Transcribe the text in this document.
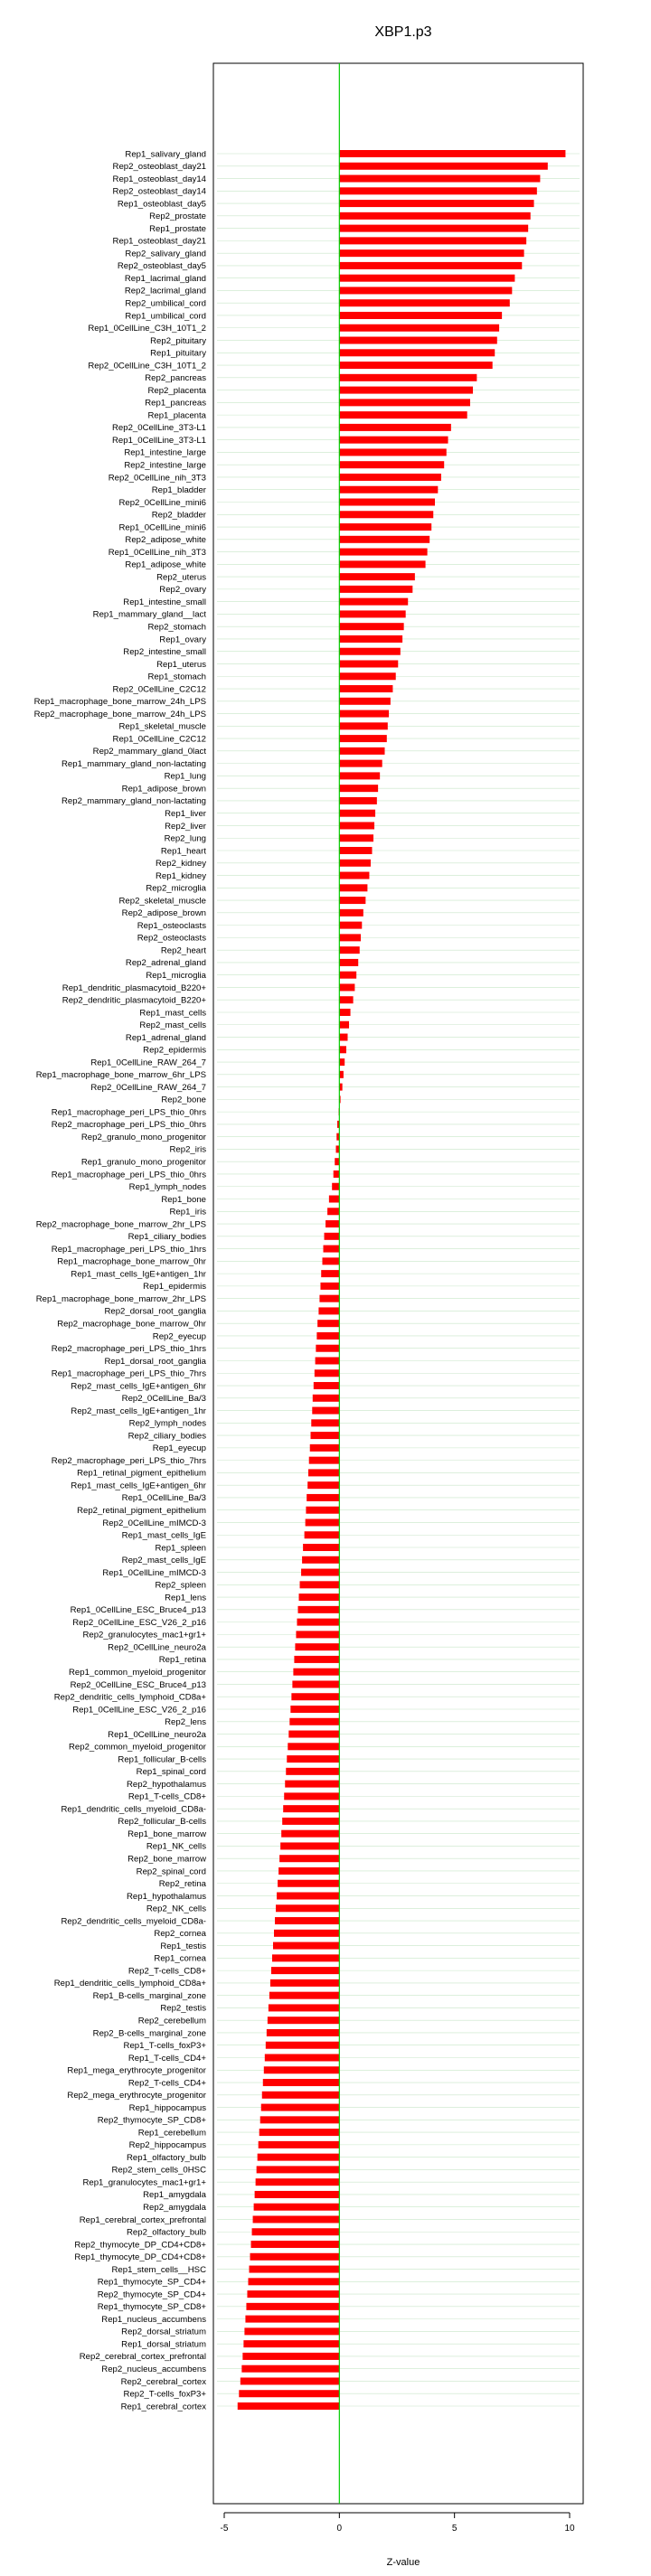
XBP1.p3
Rep1_salivary_gland
Rep2_osteoblast_day21
Rep1_osteoblast_day14
Rep2_osteoblast_day14
Rep1_osteoblast_day5
Rep2_prostate
Rep1_prostate
Rep1_osteoblast_day21
Rep2_salivary_gland
Rep2_osteoblast_day5
Rep1_lacrimal_gland
Rep2_lacrimal_gland
Rep2_umbilical_cord
Rep1_umbilical_cord
Rep1_0CellLine_C3H_10T1_2
Rep2_pituitary
Rep1_pituitary
Rep2_0CellLine_C3H_10T1_2
Rep2_pancreas
Rep2_placenta
Rep1_pancreas
Rep1_placenta
Rep2_0CellLine_3T3-L1
Rep1_0CellLine_3T3-L1
Rep1_intestine_large
Rep2_intestine_large
Rep2_0CellLine_nih_3T3
Rep1_bladder
Rep2_0CellLine_mini6
Rep2_bladder
Rep1_0CellLine_mini6
Rep2_adipose_white
Rep1_0CellLine_nih_3T3
Rep1_adipose_white
Rep2_uterus
Rep2_ovary
Rep1_intestine_small
Rep1_mammary_gland__lact
Rep2_stomach
Rep1_ovary
Rep2_intestine_small
Rep1_uterus
Rep1_stomach
Rep2_0CellLine_C2C12
Rep1_macrophage_bone_marrow_24h_LPS
Rep2_macrophage_bone_marrow_24h_LPS
Rep1_skeletal_muscle
Rep1_0CellLine_C2C12
Rep2_mammary_gland_0lact
Rep1_mammary_gland_non-lactating
Rep1_lung
Rep1_adipose_brown
Rep2_mammary_gland_non-lactating
Rep1_liver
Rep2_liver
Rep2_lung
Rep1_heart
Rep2_kidney
Rep1_kidney
Rep2_microglia
Rep2_skeletal_muscle
Rep2_adipose_brown
Rep1_osteoclasts
Rep2_osteoclasts
Rep2_heart
Rep2_adrenal_gland
Rep1_microglia
Rep1_dendritic_plasmacytoid_B220+
Rep2_dendritic_plasmacytoid_B220+
Rep1_mast_cells
Rep2_mast_cells
Rep1_adrenal_gland
Rep2_epidermis
Rep1_0CellLine_RAW_264_7
Rep1_macrophage_bone_marrow_6hr_LPS
Rep2_0CellLine_RAW_264_7
Rep2_bone
Rep1_macrophage_peri_LPS_thio_0hrs
Rep2_macrophage_peri_LPS_thio_0hrs
Rep2_granulo_mono_progenitor
Rep2_iris
Rep1_granulo_mono_progenitor
Rep1_macrophage_peri_LPS_thio_0hrs
Rep1_lymph_nodes
Rep1_bone
Rep1_iris
Rep2_macrophage_bone_marrow_2hr_LPS
Rep1_ciliary_bodies
Rep1_macrophage_peri_LPS_thio_1hrs
Rep1_macrophage_bone_marrow_0hr
Rep1_mast_cells_IgE+antigen_1hr
Rep1_epidermis
Rep1_macrophage_bone_marrow_2hr_LPS
Rep2_dorsal_root_ganglia
Rep2_macrophage_bone_marrow_0hr
Rep2_eyecup
Rep2_macrophage_peri_LPS_thio_1hrs
Rep1_dorsal_root_ganglia
Rep1_macrophage_peri_LPS_thio_7hrs
Rep2_mast_cells_IgE+antigen_6hr
Rep2_0CellLine_Ba/3
Rep2_mast_cells_IgE+antigen_1hr
Rep2_lymph_nodes
Rep2_ciliary_bodies
Rep1_eyecup
Rep2_macrophage_peri_LPS_thio_7hrs
Rep1_retinal_pigment_epithelium
Rep1_mast_cells_IgE+antigen_6hr
Rep1_0CellLine_Ba/3
Rep2_retinal_pigment_epithelium
Rep2_0CellLine_mIMCD-3
Rep1_mast_cells_IgE
Rep1_spleen
Rep2_mast_cells_IgE
Rep1_0CellLine_mIMCD-3
Rep2_spleen
Rep1_lens
Rep1_0CellLine_ESC_Bruce4_p13
Rep2_0CellLine_ESC_V26_2_p16
Rep2_granulocytes_mac1+gr1+
Rep2_0CellLine_neuro2a
Rep1_retina
Rep1_common_myeloid_progenitor
Rep2_0CellLine_ESC_Bruce4_p13
Rep2_dendritic_cells_lymphoid_CD8a+
Rep1_0CellLine_ESC_V26_2_p16
Rep2_lens
Rep1_0CellLine_neuro2a
Rep2_common_myeloid_progenitor
Rep1_follicular_B-cells
Rep1_spinal_cord
Rep2_hypothalamus
Rep1_T-cells_CD8+
Rep1_dendritic_cells_myeloid_CD8a-
Rep2_follicular_B-cells
Rep1_bone_marrow
Rep1_NK_cells
Rep2_bone_marrow
Rep2_spinal_cord
Rep2_retina
Rep1_hypothalamus
Rep2_NK_cells
Rep2_dendritic_cells_myeloid_CD8a-
Rep2_cornea
Rep1_testis
Rep1_cornea
Rep2_T-cells_CD8+
Rep1_dendritic_cells_lymphoid_CD8a+
Rep1_B-cells_marginal_zone
Rep2_testis
Rep2_cerebellum
Rep2_B-cells_marginal_zone
Rep1_T-cells_foxP3+
Rep1_T-cells_CD4+
Rep1_mega_erythrocyte_progenitor
Rep2_T-cells_CD4+
Rep2_mega_erythrocyte_progenitor
Rep1_hippocampus
Rep2_thymocyte_SP_CD8+
Rep1_cerebellum
Rep2_hippocampus
Rep1_olfactory_bulb
Rep2_stem_cells_0HSC
Rep1_granulocytes_mac1+gr1+
Rep1_amygdala
Rep2_amygdala
Rep1_cerebral_cortex_prefrontal
Rep2_olfactory_bulb
Rep2_thymocyte_DP_CD4+CD8+
Rep1_thymocyte_DP_CD4+CD8+
Rep1_stem_cells__HSC
Rep1_thymocyte_SP_CD4+
Rep2_thymocyte_SP_CD4+
Rep1_thymocyte_SP_CD8+
Rep1_nucleus_accumbens
Rep2_dorsal_striatum
Rep1_dorsal_striatum
Rep2_cerebral_cortex_prefrontal
Rep2_nucleus_accumbens
Rep2_cerebral_cortex
Rep2_T-cells_foxP3+
Rep1_cerebral_cortex
-5	0	5	10
Z-value
